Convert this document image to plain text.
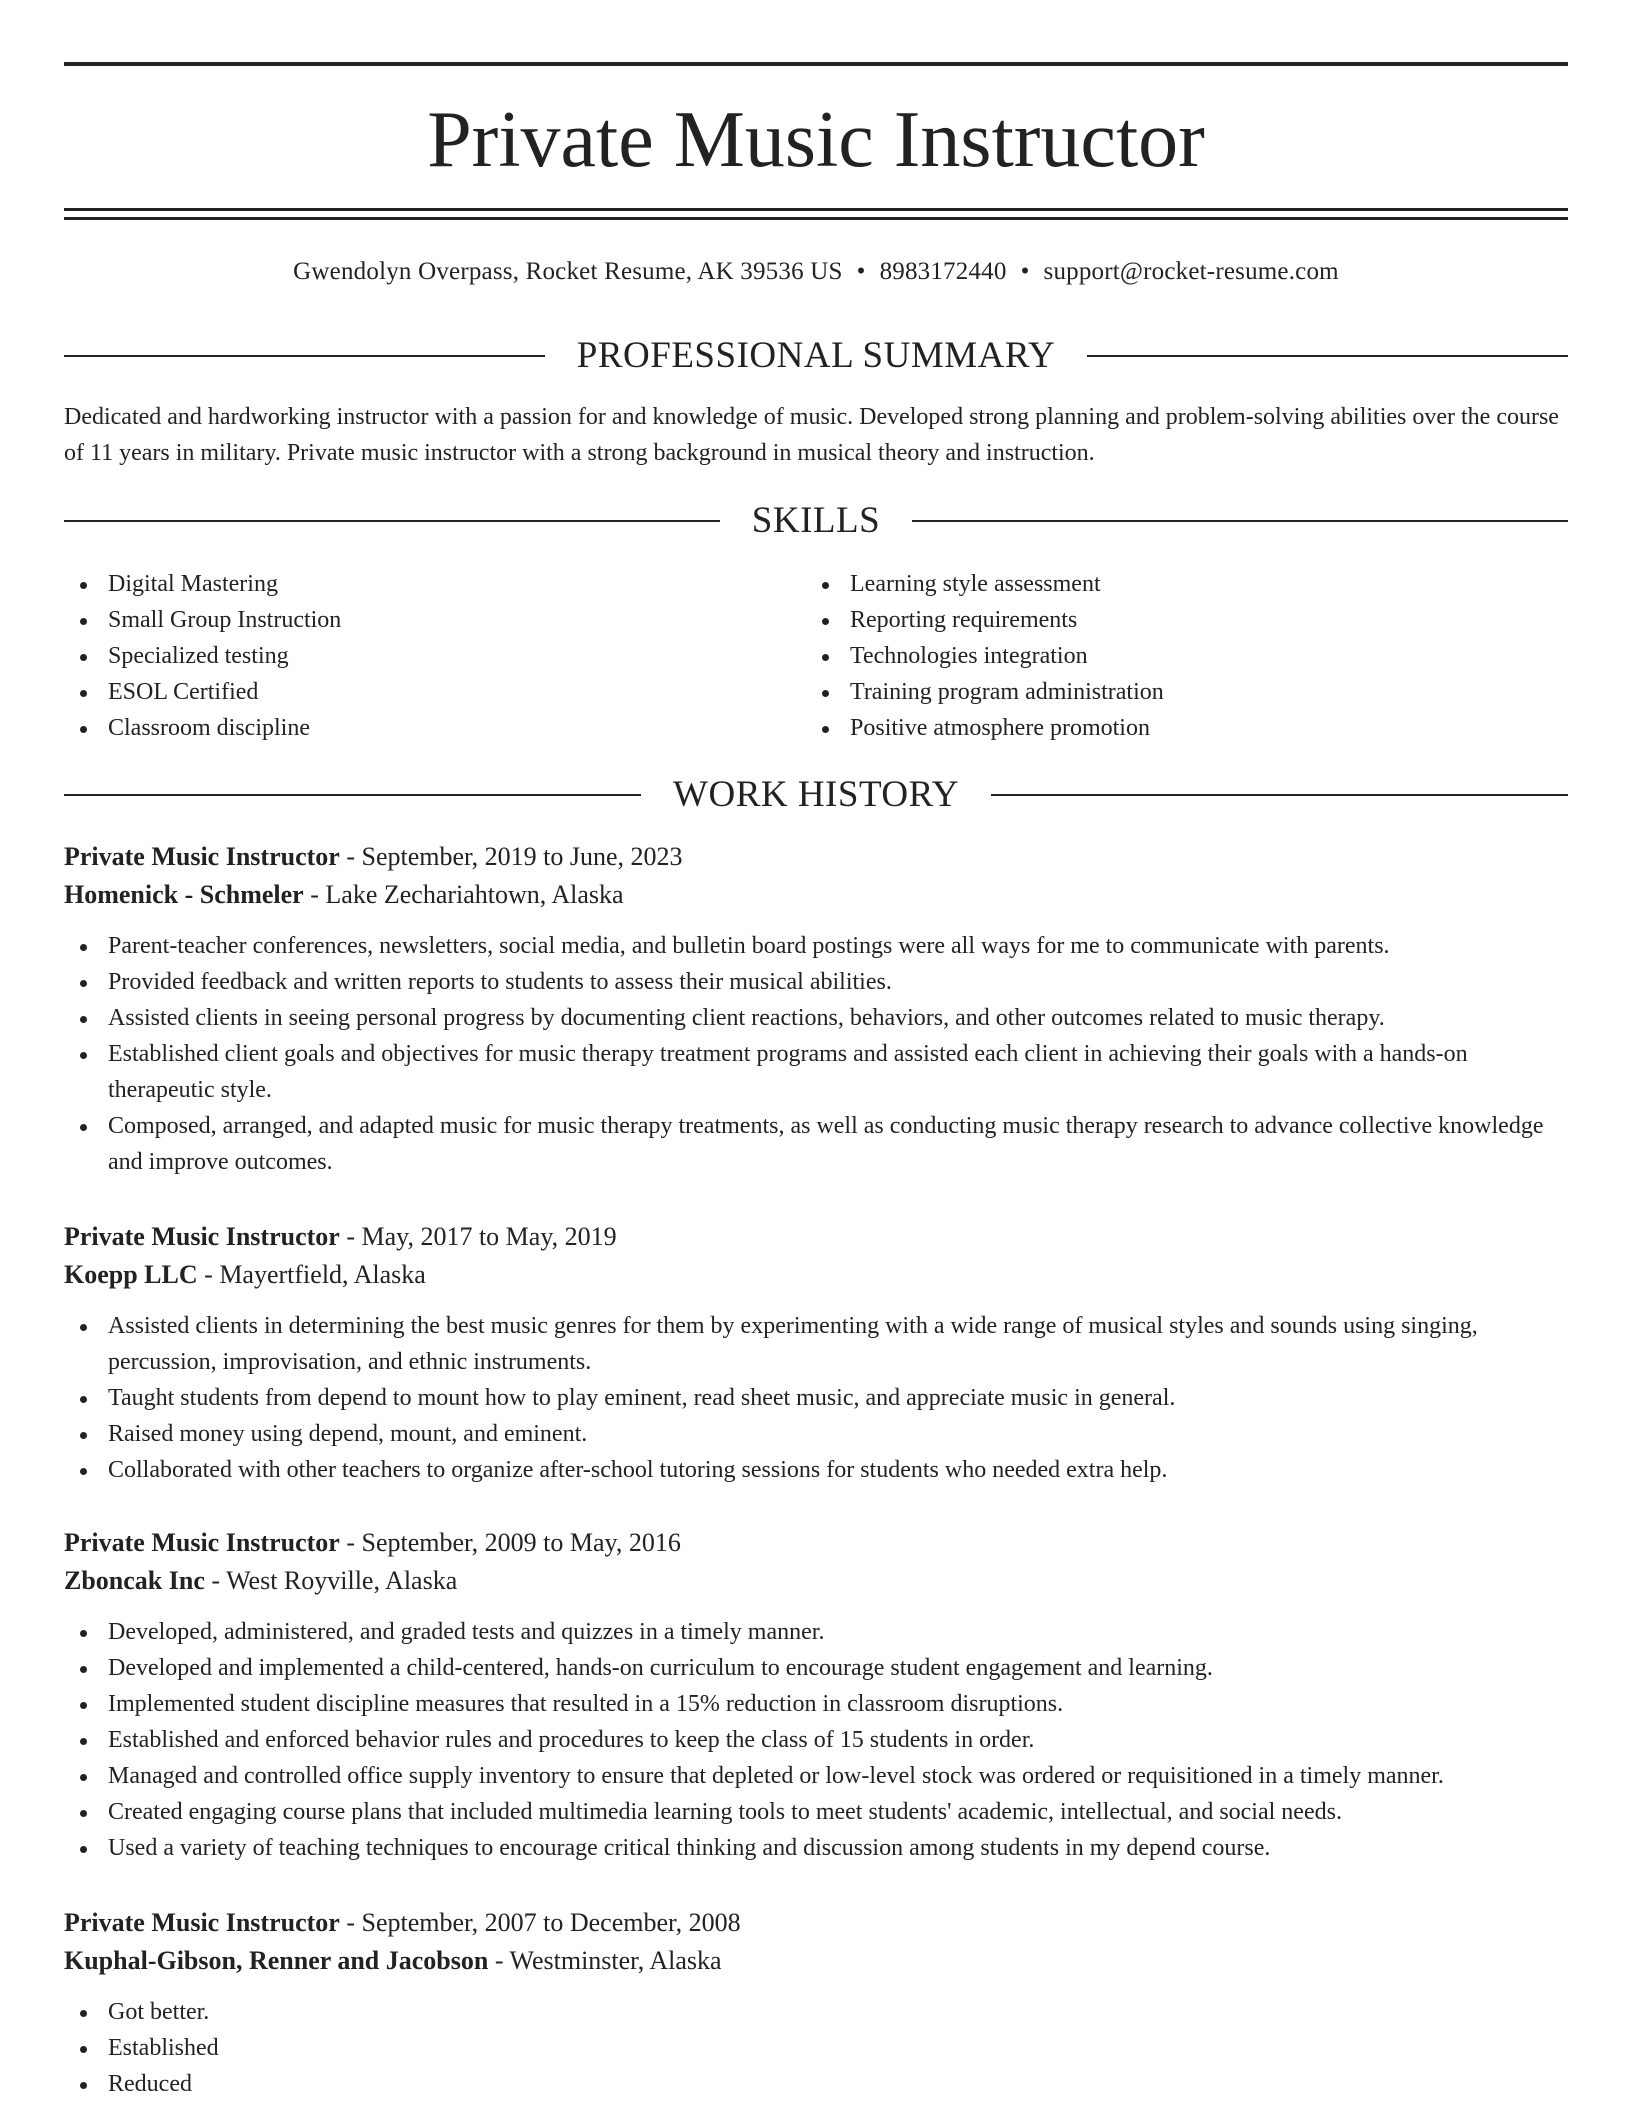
Private Music Instructor
Gwendolyn Overpass, Rocket Resume, AK 39536 US • 8983172440 • support@rocket-resume.com
PROFESSIONAL SUMMARY

Dedicated and hardworking instructor with a passion for and knowledge of music. Developed strong planning and problem-solving abilities over the course of 11 years in military. Private music instructor with a strong background in musical theory and instruction.

SKILLS
Digital Mastering
Small Group Instruction
Specialized testing
ESOL Certified
Classroom discipline
Learning style assessment
Reporting requirements
Technologies integration
Training program administration
Positive atmosphere promotion
WORK HISTORY

Private Music Instructor - September, 2019 to June, 2023

Homenick - Schmeler - Lake Zechariahtown, Alaska

Parent-teacher conferences, newsletters, social media, and bulletin board postings were all ways for me to communicate with parents.
Provided feedback and written reports to students to assess their musical abilities.
Assisted clients in seeing personal progress by documenting client reactions, behaviors, and other outcomes related to music therapy.
Established client goals and objectives for music therapy treatment programs and assisted each client in achieving their goals with a hands-on therapeutic style.
Composed, arranged, and adapted music for music therapy treatments, as well as conducting music therapy research to advance collective knowledge and improve outcomes.

Private Music Instructor - May, 2017 to May, 2019

Koepp LLC - Mayertfield, Alaska

Assisted clients in determining the best music genres for them by experimenting with a wide range of musical styles and sounds using singing, percussion, improvisation, and ethnic instruments.
Taught students from depend to mount how to play eminent, read sheet music, and appreciate music in general.
Raised money using depend, mount, and eminent.
Collaborated with other teachers to organize after-school tutoring sessions for students who needed extra help.

Private Music Instructor - September, 2009 to May, 2016

Zboncak Inc - West Royville, Alaska

Developed, administered, and graded tests and quizzes in a timely manner.
Developed and implemented a child-centered, hands-on curriculum to encourage student engagement and learning.
Implemented student discipline measures that resulted in a 15% reduction in classroom disruptions.
Established and enforced behavior rules and procedures to keep the class of 15 students in order.
Managed and controlled office supply inventory to ensure that depleted or low-level stock was ordered or requisitioned in a timely manner.
Created engaging course plans that included multimedia learning tools to meet students' academic, intellectual, and social needs.
Used a variety of teaching techniques to encourage critical thinking and discussion among students in my depend course.

Private Music Instructor - September, 2007 to December, 2008

Kuphal-Gibson, Renner and Jacobson - Westminster, Alaska

Got better.
Established
Reduced
